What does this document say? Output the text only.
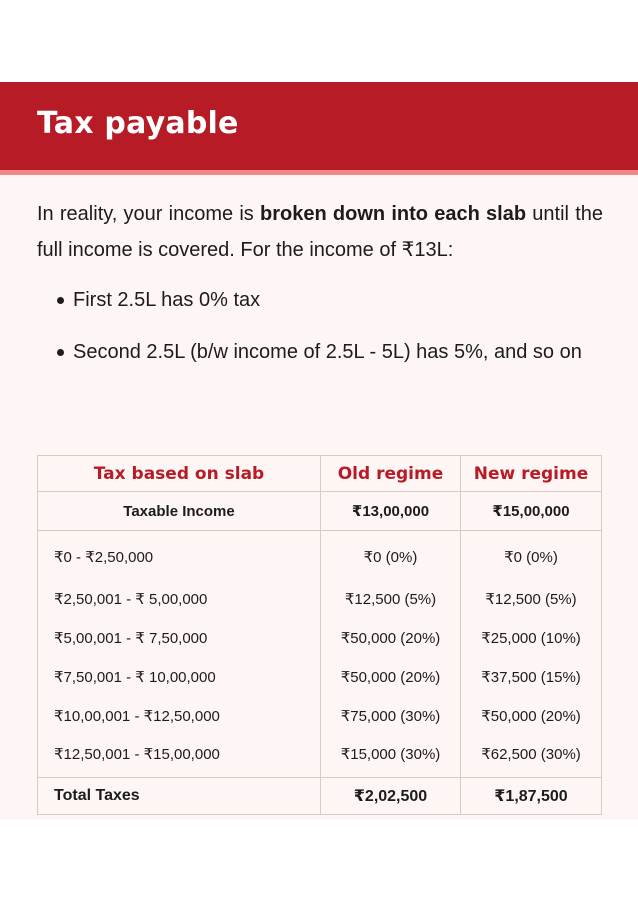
Tax payable

In reality, your income is broken down into each slab until the full income is covered. For the income of ₹13L:

First 2.5L has 0% tax
Second 2.5L (b/w income of 2.5L - 5L) has 5%, and so on
Tax based on slab	Old regime	New regime
Taxable Income	₹13,00,000	₹15,00,000
₹0 - ₹2,50,000	₹0 (0%)	₹0 (0%)
₹2,50,001 - ₹ 5,00,000	₹12,500 (5%)	₹12,500 (5%)
₹5,00,001 - ₹ 7,50,000	₹50,000 (20%)	₹25,000 (10%)
₹7,50,001 - ₹ 10,00,000	₹50,000 (20%)	₹37,500 (15%)
₹10,00,001 - ₹12,50,000	₹75,000 (30%)	₹50,000 (20%)
₹12,50,001 - ₹15,00,000	₹15,000 (30%)	₹62,500 (30%)
Total Taxes	₹2,02,500	₹1,87,500
